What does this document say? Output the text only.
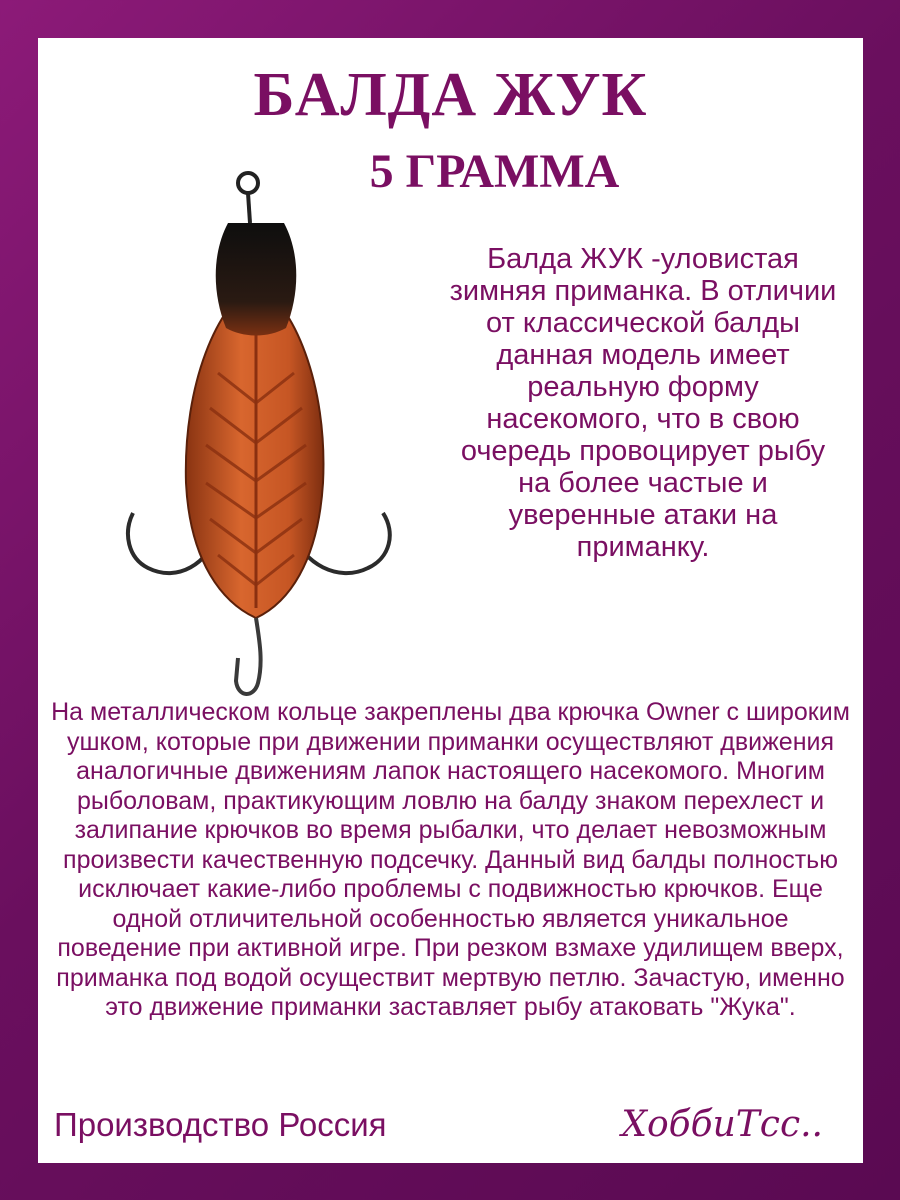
БАЛДА ЖУК
5 ГРАММА

Балда ЖУК -уловистая зимняя приманка. В отличии от классической балды данная модель имеет реальную форму насекомого, что в свою очередь провоцирует рыбу на более частые и уверенные атаки на приманку.

На металлическом кольце закреплены два крючка Owner с широким ушком, которые при движении приманки осуществляют движения аналогичные движениям лапок настоящего насекомого. Многим рыболовам, практикующим ловлю на балду знаком перехлест и залипание крючков во время рыбалки, что делает невозможным произвести качественную подсечку. Данный вид балды полностью исключает какие-либо проблемы с подвижностью крючков. Еще одной отличительной особенностью является уникальное поведение при активной игре. При резком взмахе удилищем вверх, приманка под водой осуществит мертвую петлю. Зачастую, именно это движение приманки заставляет рыбу атаковать "Жука".

Производство Россия	ХоббиТсс..
